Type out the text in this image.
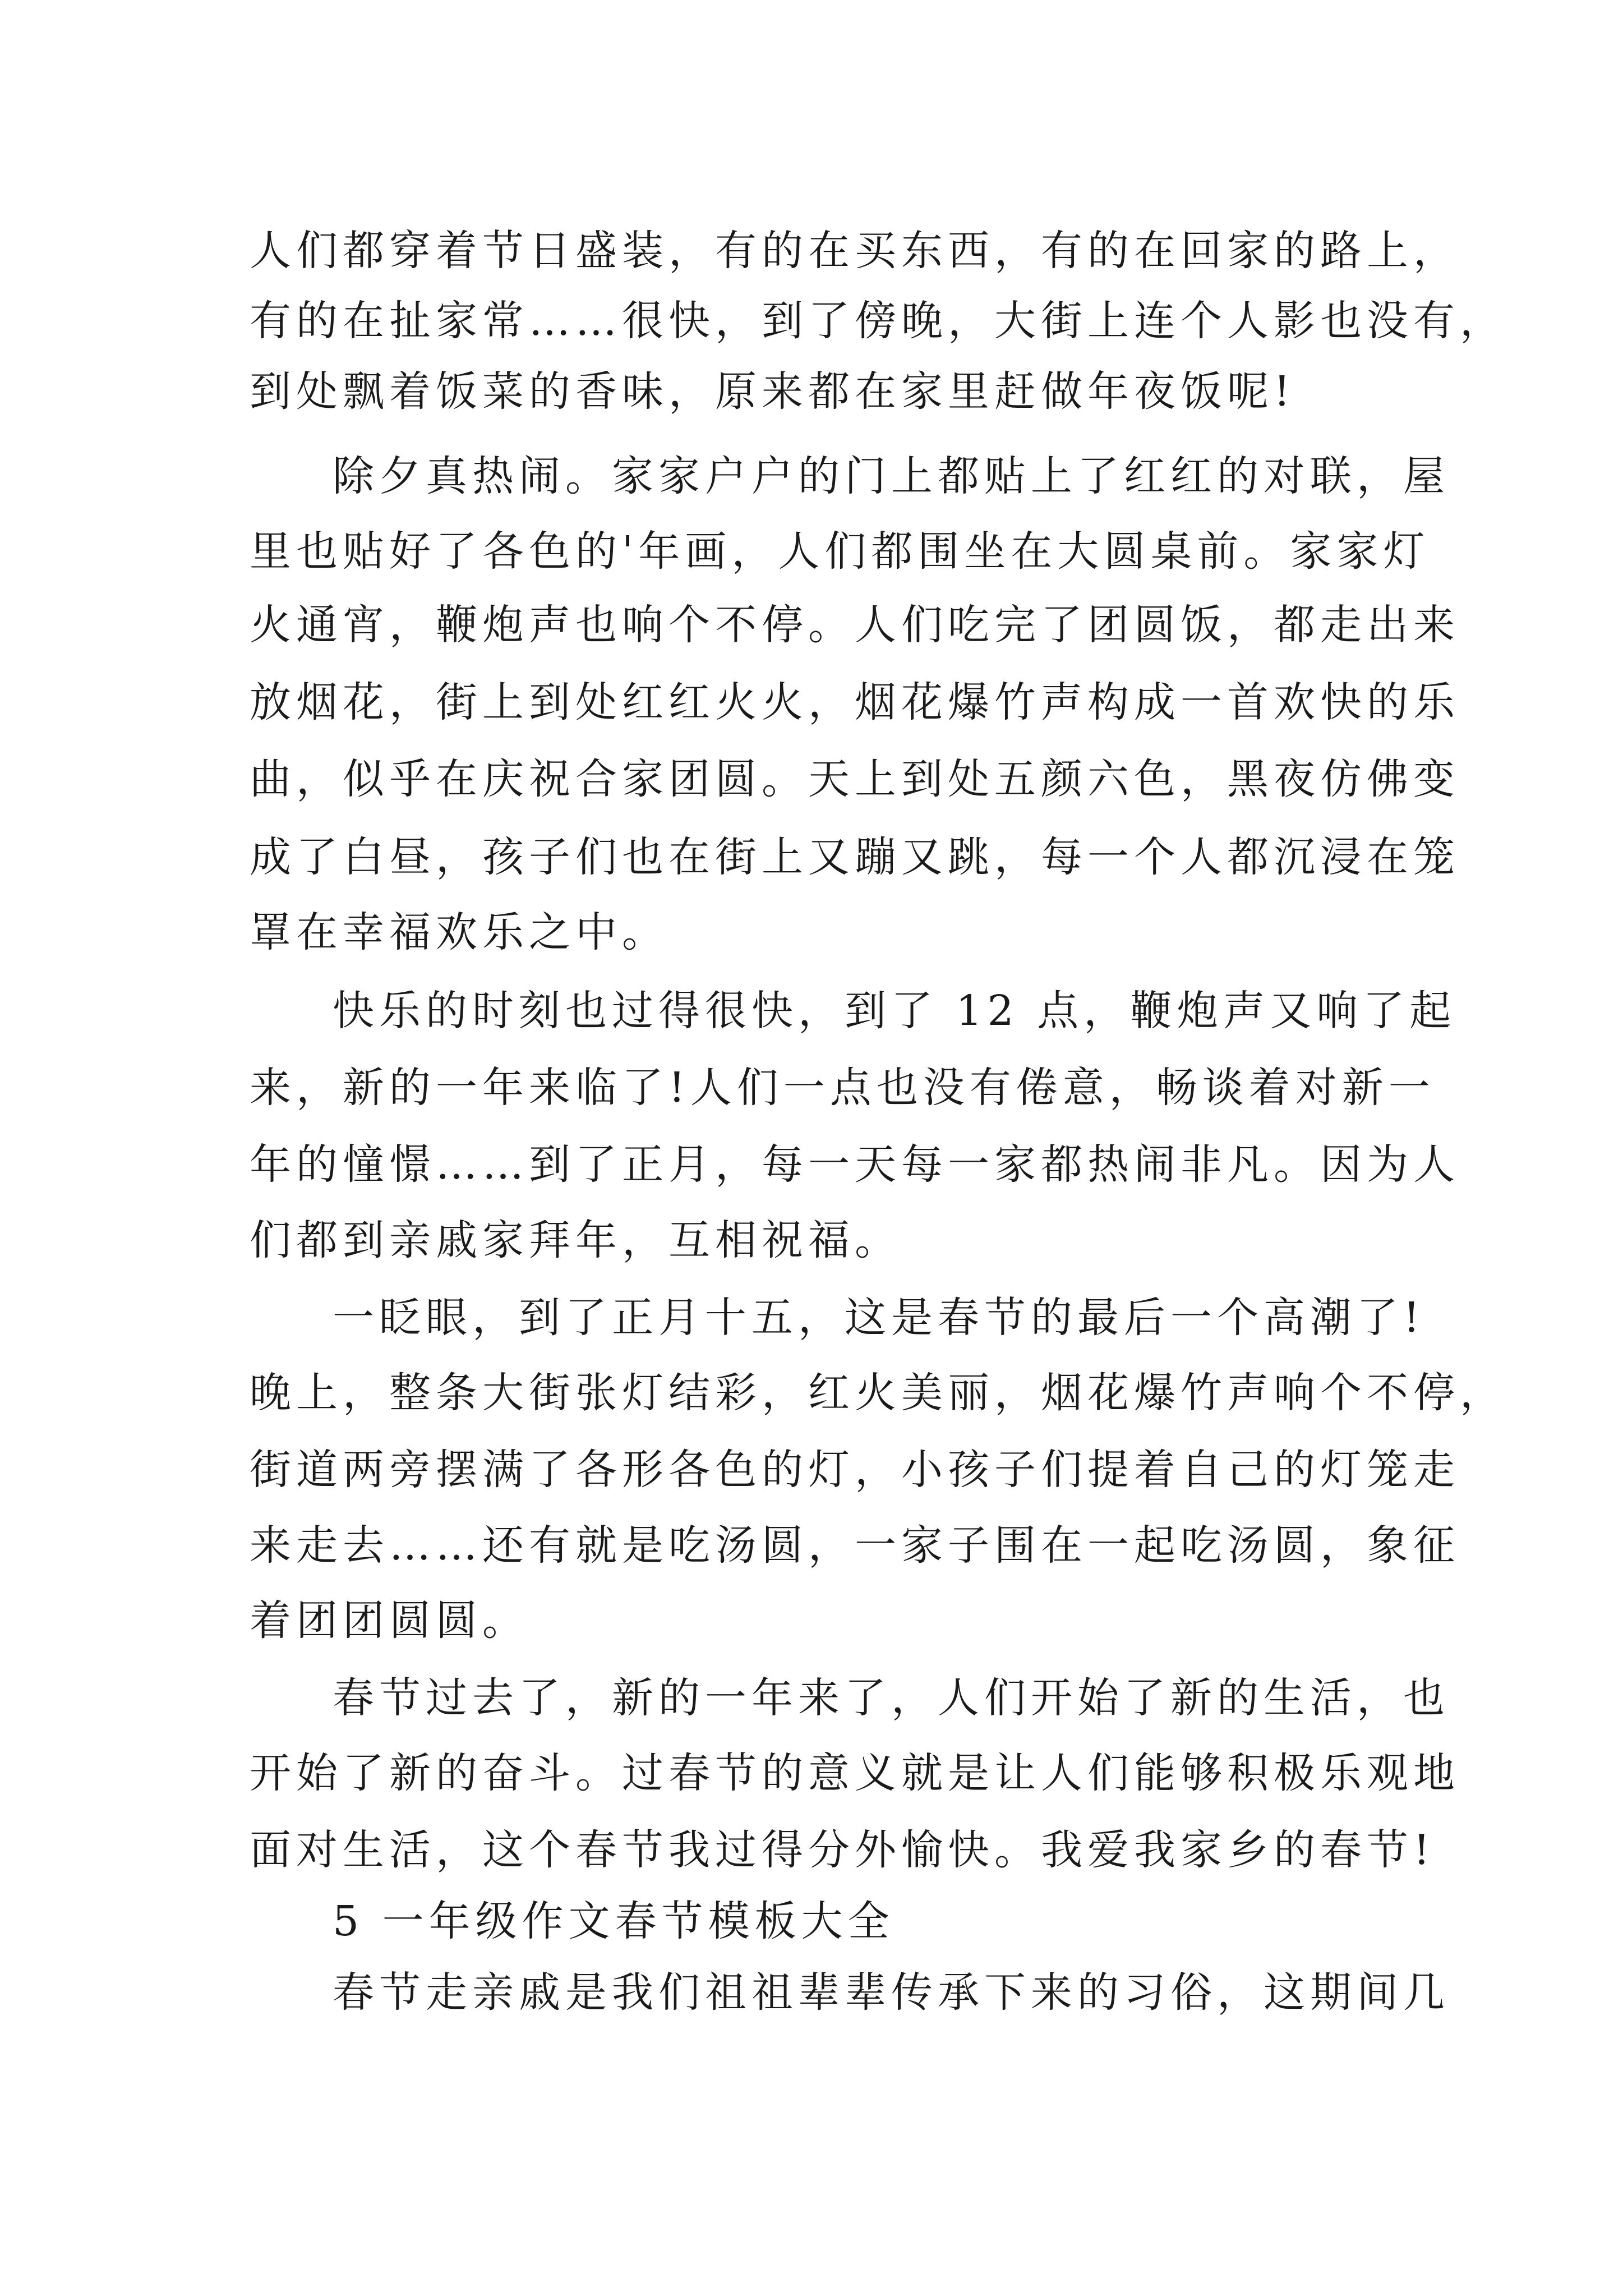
人们都穿着节日盛装，有的在买东西，有的在回家的路上，
有的在扯家常……很快，到了傍晚，大街上连个人影也没有，
到处飘着饭菜的香味，原来都在家里赶做年夜饭呢!
除夕真热闹。家家户户的门上都贴上了红红的对联，屋
里也贴好了各色的'年画，人们都围坐在大圆桌前。家家灯
火通宵，鞭炮声也响个不停。人们吃完了团圆饭，都走出来
放烟花，街上到处红红火火，烟花爆竹声构成一首欢快的乐
曲，似乎在庆祝合家团圆。天上到处五颜六色，黑夜仿佛变
成了白昼，孩子们也在街上又蹦又跳，每一个人都沉浸在笼
罩在幸福欢乐之中。
快乐的时刻也过得很快，到了 12 点，鞭炮声又响了起
来，新的一年来临了!人们一点也没有倦意，畅谈着对新一
年的憧憬……到了正月，每一天每一家都热闹非凡。因为人
们都到亲戚家拜年，互相祝福。
一眨眼，到了正月十五，这是春节的最后一个高潮了!
晚上，整条大街张灯结彩，红火美丽，烟花爆竹声响个不停，
街道两旁摆满了各形各色的灯，小孩子们提着自己的灯笼走
来走去……还有就是吃汤圆，一家子围在一起吃汤圆，象征
着团团圆圆。
春节过去了，新的一年来了，人们开始了新的生活，也
开始了新的奋斗。过春节的意义就是让人们能够积极乐观地
面对生活，这个春节我过得分外愉快。我爱我家乡的春节!
5 一年级作文春节模板大全
春节走亲戚是我们祖祖辈辈传承下来的习俗，这期间几
